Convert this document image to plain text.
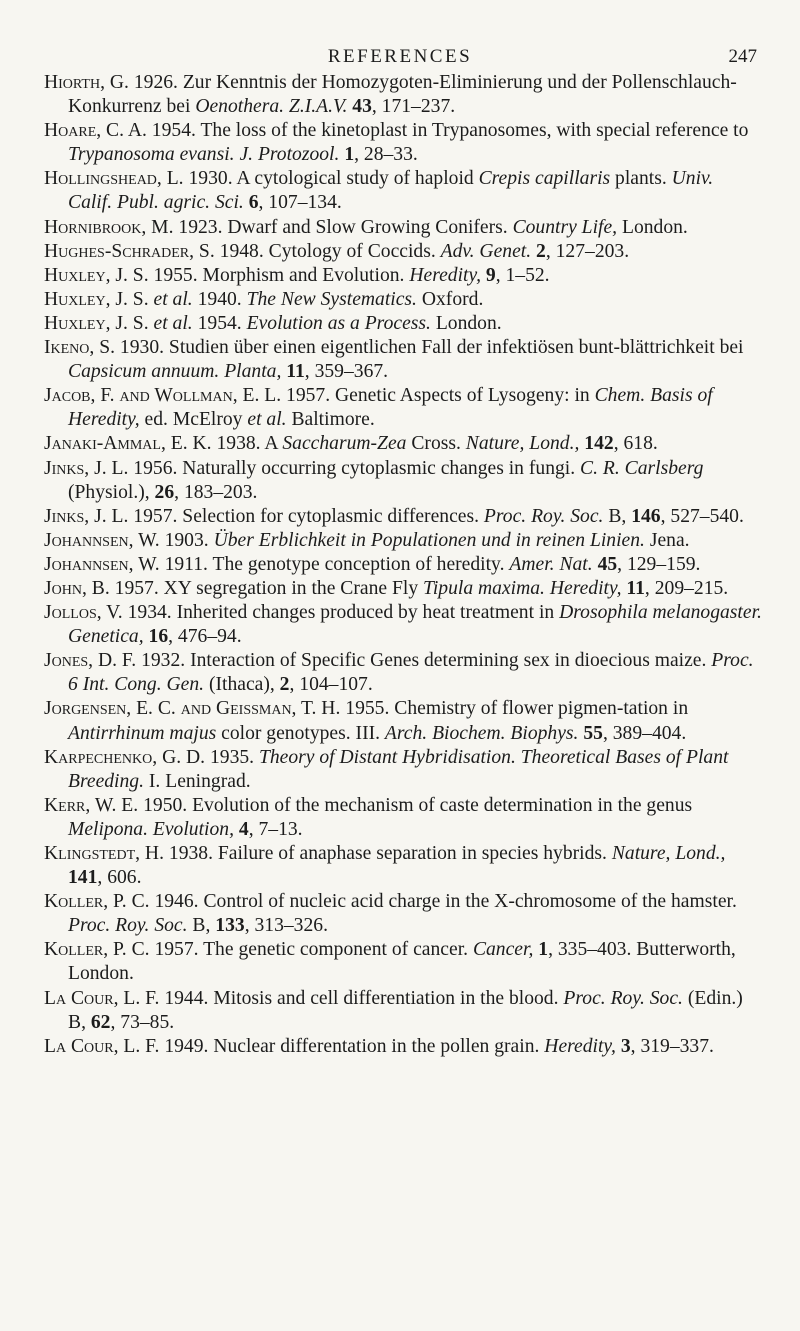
REFERENCES	247
Hiorth, G. 1926. Zur Kenntnis der Homozygoten-Eliminierung und der Pollenschlauch-Konkurrenz bei Oenothera. Z.I.A.V. 43, 171–237.
Hoare, C. A. 1954. The loss of the kinetoplast in Trypanosomes, with special reference to Trypanosoma evansi. J. Protozool. 1, 28–33.
Hollingshead, L. 1930. A cytological study of haploid Crepis capillaris plants. Univ. Calif. Publ. agric. Sci. 6, 107–134.
Hornibrook, M. 1923. Dwarf and Slow Growing Conifers. Country Life, London.
Hughes-Schrader, S. 1948. Cytology of Coccids. Adv. Genet. 2, 127–203.
Huxley, J. S. 1955. Morphism and Evolution. Heredity, 9, 1–52.
Huxley, J. S. et al. 1940. The New Systematics. Oxford.
Huxley, J. S. et al. 1954. Evolution as a Process. London.
Ikeno, S. 1930. Studien über einen eigentlichen Fall der infektiösen bunt-blättrichkeit bei Capsicum annuum. Planta, 11, 359–367.
Jacob, F. and Wollman, E. L. 1957. Genetic Aspects of Lysogeny: in Chem. Basis of Heredity, ed. McElroy et al. Baltimore.
Janaki-Ammal, E. K. 1938. A Saccharum-Zea Cross. Nature, Lond., 142, 618.
Jinks, J. L. 1956. Naturally occurring cytoplasmic changes in fungi. C. R. Carlsberg (Physiol.), 26, 183–203.
Jinks, J. L. 1957. Selection for cytoplasmic differences. Proc. Roy. Soc. B, 146, 527–540.
Johannsen, W. 1903. Über Erblichkeit in Populationen und in reinen Linien. Jena.
Johannsen, W. 1911. The genotype conception of heredity. Amer. Nat. 45, 129–159.
John, B. 1957. XY segregation in the Crane Fly Tipula maxima. Heredity, 11, 209–215.
Jollos, V. 1934. Inherited changes produced by heat treatment in Drosophila melanogaster. Genetica, 16, 476–94.
Jones, D. F. 1932. Interaction of Specific Genes determining sex in dioecious maize. Proc. 6 Int. Cong. Gen. (Ithaca), 2, 104–107.
Jorgensen, E. C. and Geissman, T. H. 1955. Chemistry of flower pigmen-tation in Antirrhinum majus color genotypes. III. Arch. Biochem. Biophys. 55, 389–404.
Karpechenko, G. D. 1935. Theory of Distant Hybridisation. Theoretical Bases of Plant Breeding. I. Leningrad.
Kerr, W. E. 1950. Evolution of the mechanism of caste determination in the genus Melipona. Evolution, 4, 7–13.
Klingstedt, H. 1938. Failure of anaphase separation in species hybrids. Nature, Lond., 141, 606.
Koller, P. C. 1946. Control of nucleic acid charge in the X-chromosome of the hamster. Proc. Roy. Soc. B, 133, 313–326.
Koller, P. C. 1957. The genetic component of cancer. Cancer, 1, 335–403. Butterworth, London.
La Cour, L. F. 1944. Mitosis and cell differentiation in the blood. Proc. Roy. Soc. (Edin.) B, 62, 73–85.
La Cour, L. F. 1949. Nuclear differentation in the pollen grain. Heredity, 3, 319–337.
